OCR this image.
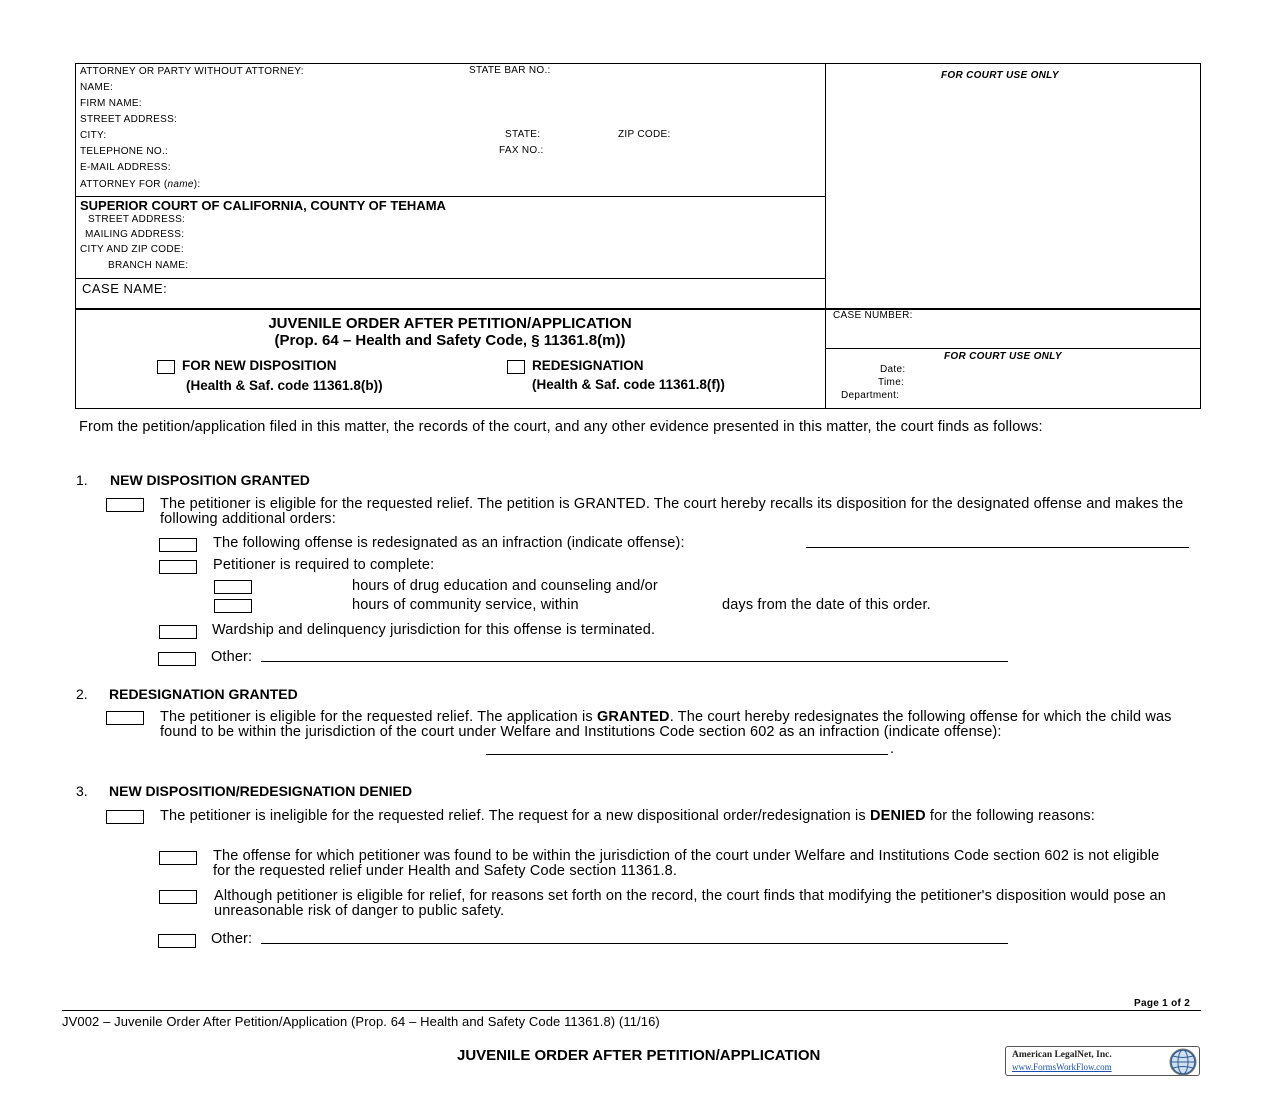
ATTORNEY OR PARTY WITHOUT ATTORNEY:	STATE BAR NO.:
NAME:
FIRM NAME:
STREET ADDRESS:
CITY:	STATE:	ZIP CODE:
TELEPHONE NO.:	FAX NO.:
E-MAIL ADDRESS:
ATTORNEY FOR (name):
FOR COURT USE ONLY
SUPERIOR COURT OF CALIFORNIA, COUNTY OF TEHAMA
STREET ADDRESS:
MAILING ADDRESS:
CITY AND ZIP CODE:
BRANCH NAME:
CASE NAME:
JUVENILE ORDER AFTER PETITION/APPLICATION
(Prop. 64 – Health and Safety Code, § 11361.8(m))
FOR NEW DISPOSITION
(Health & Saf. code 11361.8(b))
REDESIGNATION
(Health & Saf. code 11361.8(f))
CASE NUMBER:
FOR COURT USE ONLY
Date:
Time:
Department:
From the petition/application filed in this matter, the records of the court, and any other evidence presented in this matter, the court finds as follows:
1. NEW DISPOSITION GRANTED
The petitioner is eligible for the requested relief. The petition is GRANTED. The court hereby recalls its disposition for the designated offense and makes the following additional orders:
The following offense is redesignated as an infraction (indicate offense):
Petitioner is required to complete:
hours of drug education and counseling and/or
hours of community service, within	days from the date of this order.
Wardship and delinquency jurisdiction for this offense is terminated.
Other:
2. REDESIGNATION GRANTED
The petitioner is eligible for the requested relief. The application is GRANTED. The court hereby redesignates the following offense for which the child was found to be within the jurisdiction of the court under Welfare and Institutions Code section 602 as an infraction (indicate offense):
.
3. NEW DISPOSITION/REDESIGNATION DENIED
The petitioner is ineligible for the requested relief. The request for a new dispositional order/redesignation is DENIED for the following reasons:
The offense for which petitioner was found to be within the jurisdiction of the court under Welfare and Institutions Code section 602 is not eligible for the requested relief under Health and Safety Code section 11361.8.
Although petitioner is eligible for relief, for reasons set forth on the record, the court finds that modifying the petitioner's disposition would pose an unreasonable risk of danger to public safety.
Other:
Page 1 of 2
JV002 – Juvenile Order After Petition/Application (Prop. 64 – Health and Safety Code 11361.8) (11/16)
JUVENILE ORDER AFTER PETITION/APPLICATION	American LegalNet, Inc.
www.FormsWorkFlow.com
